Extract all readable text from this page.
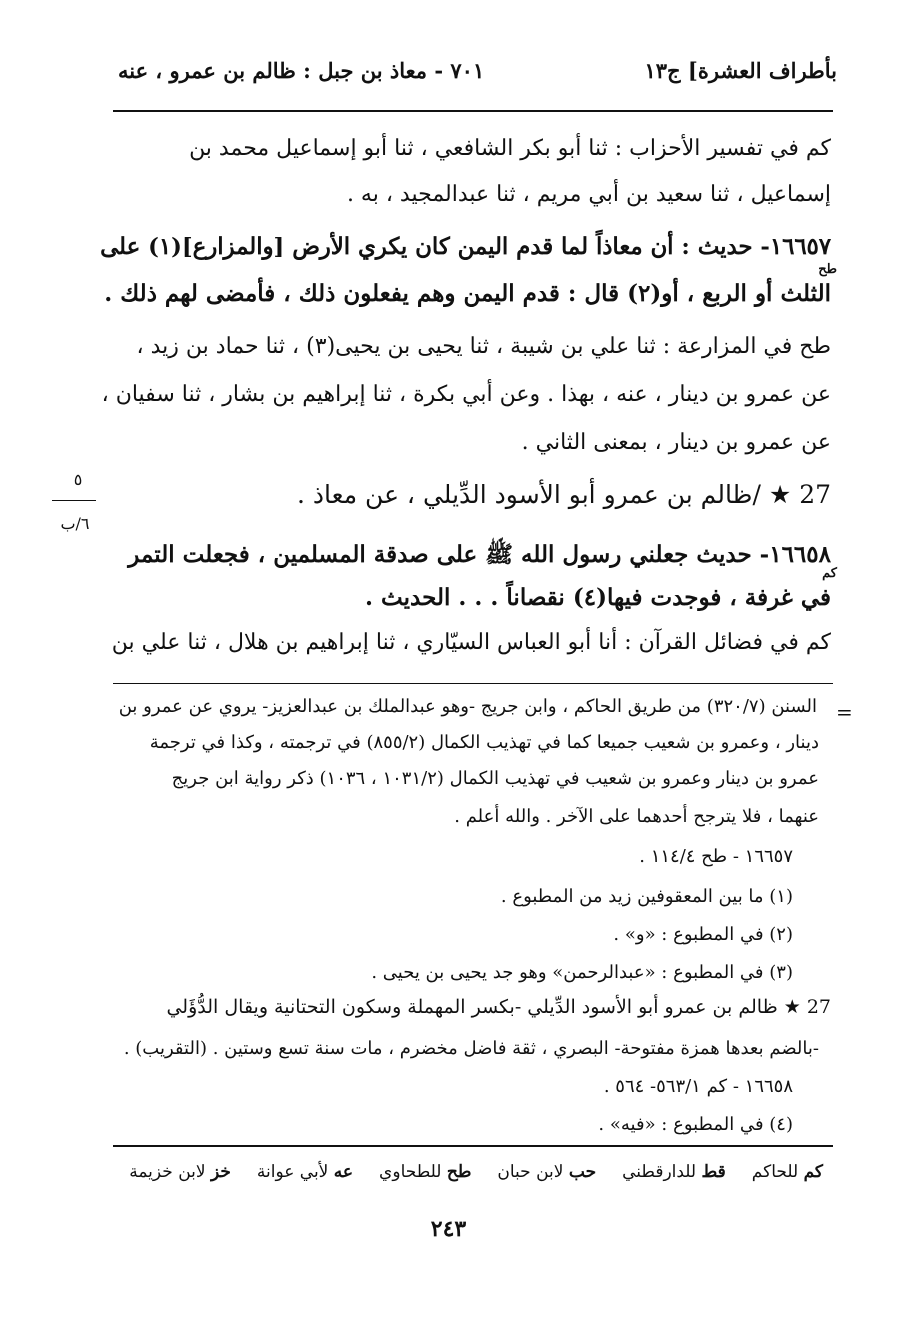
بأطراف العشرة] ج١٣
٧٠١ - معاذ بن جبل : ظالم بن عمرو ، عنه
كم في تفسير الأحزاب : ثنا أبو بكر الشافعي ، ثنا أبو إسماعيل محمد بن
إسماعيل ، ثنا سعيد بن أبي مريم ، ثنا عبدالمجيد ، به .
١٦٦٥٧- حديث : أن معاذاً لما قدم اليمن كان يكري الأرض [والمزارع](١) على
طح
الثلث أو الربع ، أو(٢) قال : قدم اليمن وهم يفعلون ذلك ، فأمضى لهم ذلك .
طح في المزارعة : ثنا علي بن شيبة ، ثنا يحيى بن يحيى(٣) ، ثنا حماد بن زيد ،
عن عمرو بن دينار ، عنه ، بهذا . وعن أبي بكرة ، ثنا إبراهيم بن بشار ، ثنا سفيان ،
عن عمرو بن دينار ، بمعنى الثاني .
27 ★ /ظالم بن عمرو أبو الأسود الدِّيلي ، عن معاذ .
٥
٦/ب
١٦٦٥٨- حديث جعلني رسول الله ﷺ على صدقة المسلمين ، فجعلت التمر
كم
في غرفة ، فوجدت فيها(٤) نقصاناً . . . الحديث .
كم في فضائل القرآن : أنا أبو العباس السيّاري ، ثنا إبراهيم بن هلال ، ثنا علي بن
=
السنن (٣٢٠/٧) من طريق الحاكم ، وابن جريج -وهو عبدالملك بن عبدالعزيز- يروي عن عمرو بن
دينار ، وعمرو بن شعيب جميعا كما في تهذيب الكمال (٨٥٥/٢) في ترجمته ، وكذا في ترجمة
عمرو بن دينار وعمرو بن شعيب في تهذيب الكمال (١٠٣١/٢ ، ١٠٣٦) ذكر رواية ابن جريج
عنهما ، فلا يترجح أحدهما على الآخر . والله أعلم .
١٦٦٥٧ - طح ١١٤/٤ .
(١) ما بين المعقوفين زيد من المطبوع .
(٢) في المطبوع : «و» .
(٣) في المطبوع : «عبدالرحمن» وهو جد يحيى بن يحيى .
27 ★ ظالم بن عمرو أبو الأسود الدِّيلي -بكسر المهملة وسكون التحتانية ويقال الدُّؤَلي
-بالضم بعدها همزة مفتوحة- البصري ، ثقة فاضل مخضرم ، مات سنة تسع وستين . (التقريب) .
١٦٦٥٨ - كم ٥٦٣/١- ٥٦٤ .
(٤) في المطبوع : «فيه» .
خز لابن خزيمة	عه لأبي عوانة	طح للطحاوي	حب لابن حبان	قط للدارقطني	كم للحاكم
٢٤٣
